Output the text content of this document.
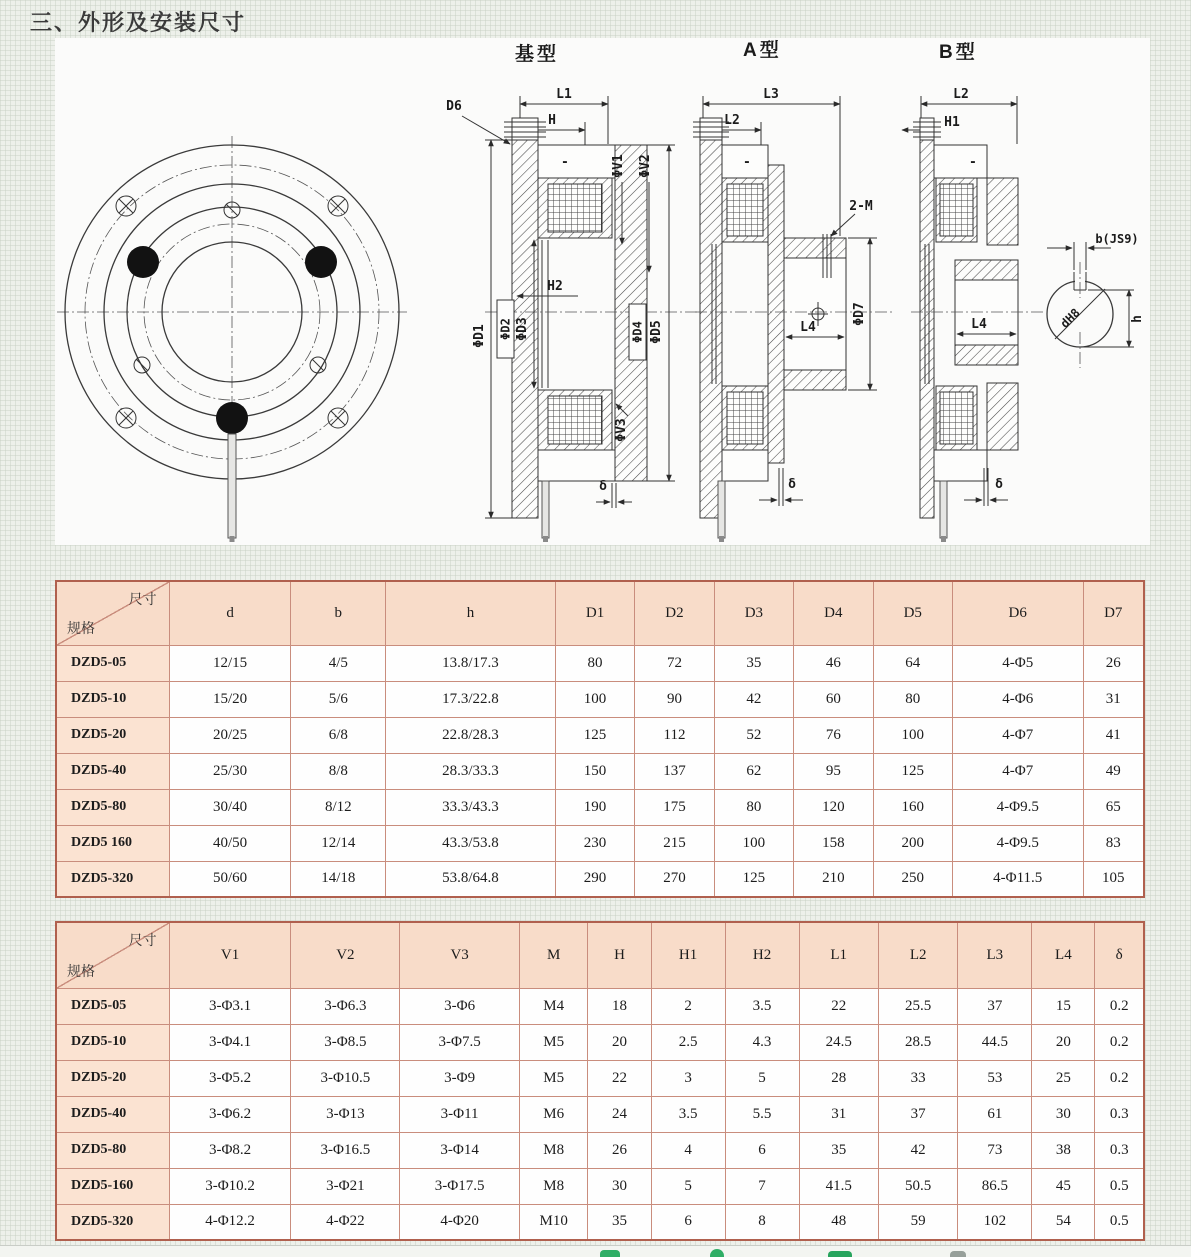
三、外形及安装尺寸
基型
L1
H
D6
-
ΦD1 ΦD2 ΦD3
H2
ΦV1 ΦV2
ΦD4 ΦD5
ΦV3
δ
A型
L3
L2
-
2-M
ΦD7
L4
δ
B型
L2
H1
-
L4
δ
b(JS9)
dH8	h
尺寸
规格	d	b	h	D1	D2	D3	D4	D5	D6	D7
DZD5-05	12/15	4/5	13.8/17.3	80	72	35	46	64	4-Φ5	26
DZD5-10	15/20	5/6	17.3/22.8	100	90	42	60	80	4-Φ6	31
DZD5-20	20/25	6/8	22.8/28.3	125	112	52	76	100	4-Φ7	41
DZD5-40	25/30	8/8	28.3/33.3	150	137	62	95	125	4-Φ7	49
DZD5-80	30/40	8/12	33.3/43.3	190	175	80	120	160	4-Φ9.5	65
DZD5 160	40/50	12/14	43.3/53.8	230	215	100	158	200	4-Φ9.5	83
DZD5-320	50/60	14/18	53.8/64.8	290	270	125	210	250	4-Φ11.5	105
尺寸
规格	V1	V2	V3	M	H	H1	H2	L1	L2	L3	L4	δ
DZD5-05	3-Φ3.1	3-Φ6.3	3-Φ6	M4	18	2	3.5	22	25.5	37	15	0.2
DZD5-10	3-Φ4.1	3-Φ8.5	3-Φ7.5	M5	20	2.5	4.3	24.5	28.5	44.5	20	0.2
DZD5-20	3-Φ5.2	3-Φ10.5	3-Φ9	M5	22	3	5	28	33	53	25	0.2
DZD5-40	3-Φ6.2	3-Φ13	3-Φ11	M6	24	3.5	5.5	31	37	61	30	0.3
DZD5-80	3-Φ8.2	3-Φ16.5	3-Φ14	M8	26	4	6	35	42	73	38	0.3
DZD5-160	3-Φ10.2	3-Φ21	3-Φ17.5	M8	30	5	7	41.5	50.5	86.5	45	0.5
DZD5-320	4-Φ12.2	4-Φ22	4-Φ20	M10	35	6	8	48	59	102	54	0.5
